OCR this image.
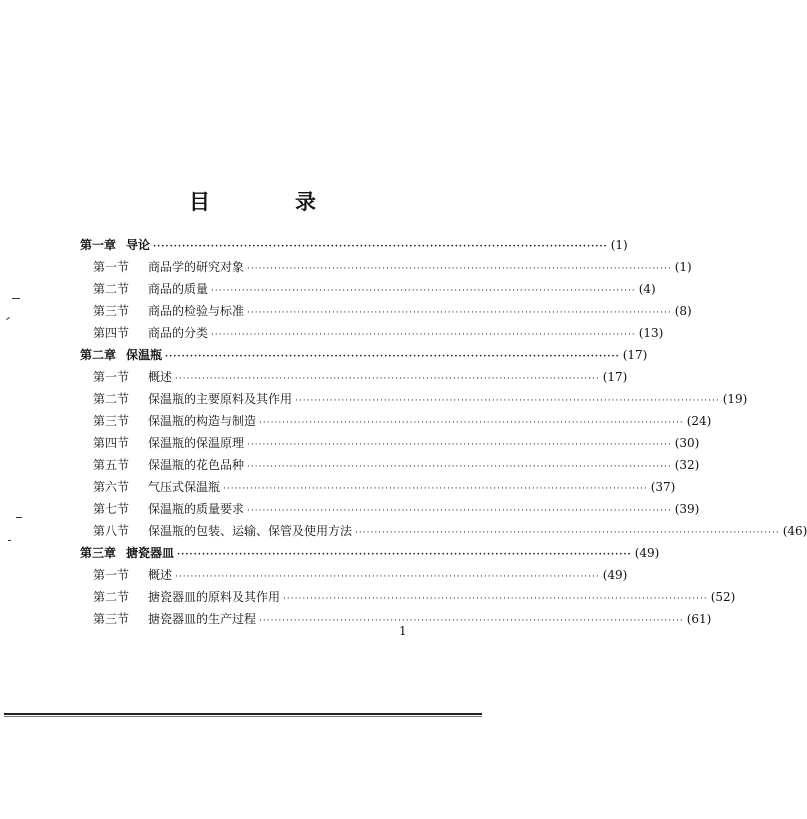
目　录
第一章 导论 ·····	(1)
第一节	商品学的研究对象 ·····	(1)
第二节	商品的质量 ·····	(4)
第三节	商品的检验与标准 ·····	(8)
第四节	商品的分类 ·····	(13)
第二章 保温瓶 ·····	(17)
第一节	概述 ·····	(17)
第二节	保温瓶的主要原料及其作用 ·····	(19)
第三节	保温瓶的构造与制造 ·····	(24)
第四节	保温瓶的保温原理 ·····	(30)
第五节	保温瓶的花色品种 ·····	(32)
第六节	气压式保温瓶 ·····	(37)
第七节	保温瓶的质量要求 ·····	(39)
第八节	保温瓶的包装、运输、保管及使用方法 ·····	(46)
第三章 搪瓷器皿 ·····	(49)
第一节	概述 ·····	(49)
第二节	搪瓷器皿的原料及其作用 ·····	(52)
第三节	搪瓷器皿的生产过程 ·····	(61)
1
